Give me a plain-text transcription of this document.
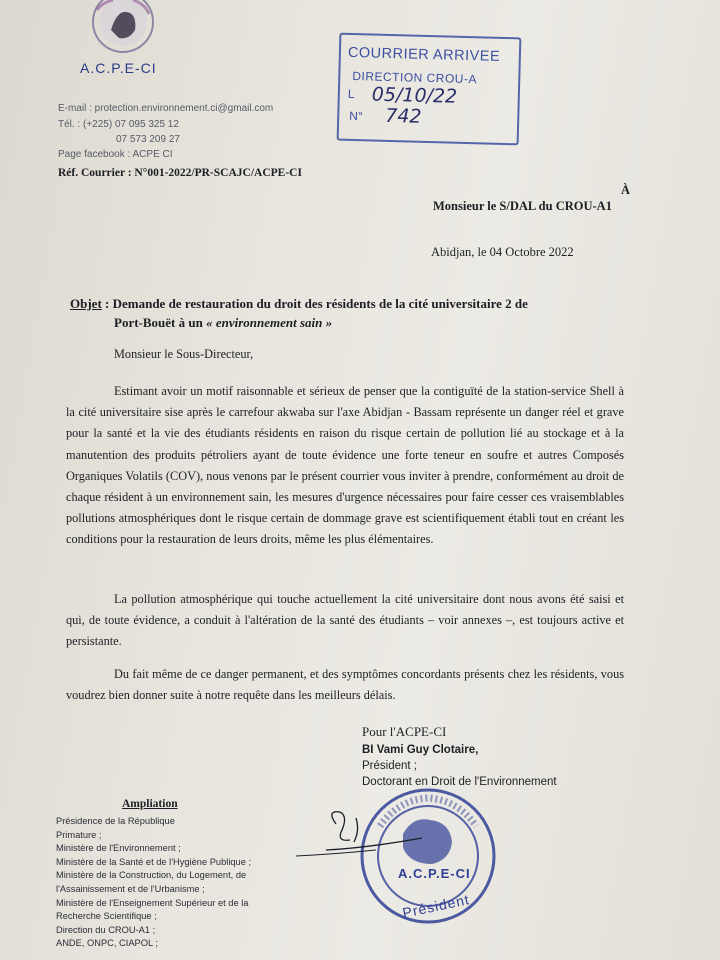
A.C.P.E-CI
E-mail : protection.environnement.ci@gmail.com
Tél. : (+225) 07 095 325 12
07 573 209 27
Page facebook : ACPE CI
Réf. Courrier : N°001-2022/PR-SCAJC/ACPE-CI
COURRIER ARRIVEE
DIRECTION CROU-A
L 05/10/22
N° 742
À
Monsieur le S/DAL du CROU-A1
Abidjan, le 04 Octobre 2022
Objet : Demande de restauration du droit des résidents de la cité universitaire 2 de
Port-Bouët à un « environnement sain »
Monsieur le Sous-Directeur,
Estimant avoir un motif raisonnable et sérieux de penser que la contiguïté de la station-service Shell à la cité universitaire sise après le carrefour akwaba sur l'axe Abidjan - Bassam représente un danger réel et grave pour la santé et la vie des étudiants résidents en raison du risque certain de pollution lié au stockage et à la manutention des produits pétroliers ayant de toute évidence une forte teneur en soufre et autres Composés Organiques Volatils (COV), nous venons par le présent courrier vous inviter à prendre, conformément au droit de chaque résident à un environnement sain, les mesures d'urgence nécessaires pour faire cesser ces vraisemblables pollutions atmosphériques dont le risque certain de dommage grave est scientifiquement établi tout en créant les conditions pour la restauration de leurs droits, même les plus élémentaires.
La pollution atmosphérique qui touche actuellement la cité universitaire dont nous avons été saisi et qui, de toute évidence, a conduit à l'altération de la santé des étudiants – voir annexes –, est toujours active et persistante.
Du fait même de ce danger permanent, et des symptômes concordants présents chez les résidents, vous voudrez bien donner suite à notre requête dans les meilleurs délais.
Pour l'ACPE-CI
BI Vami Guy Clotaire,
Président ;
Doctorant en Droit de l'Environnement
A.C.P.E-CI
Président
Ampliation
Présidence de la République
Primature ;
Ministère de l'Environnement ;
Ministère de la Santé et de l'Hygiène Publique ;
Ministère de la Construction, du Logement, de
l'Assainissement et de l'Urbanisme ;
Ministère de l'Enseignement Supérieur et de la
Recherche Scientifique ;
Direction du CROU-A1 ;
ANDE, ONPC, CIAPOL ;
